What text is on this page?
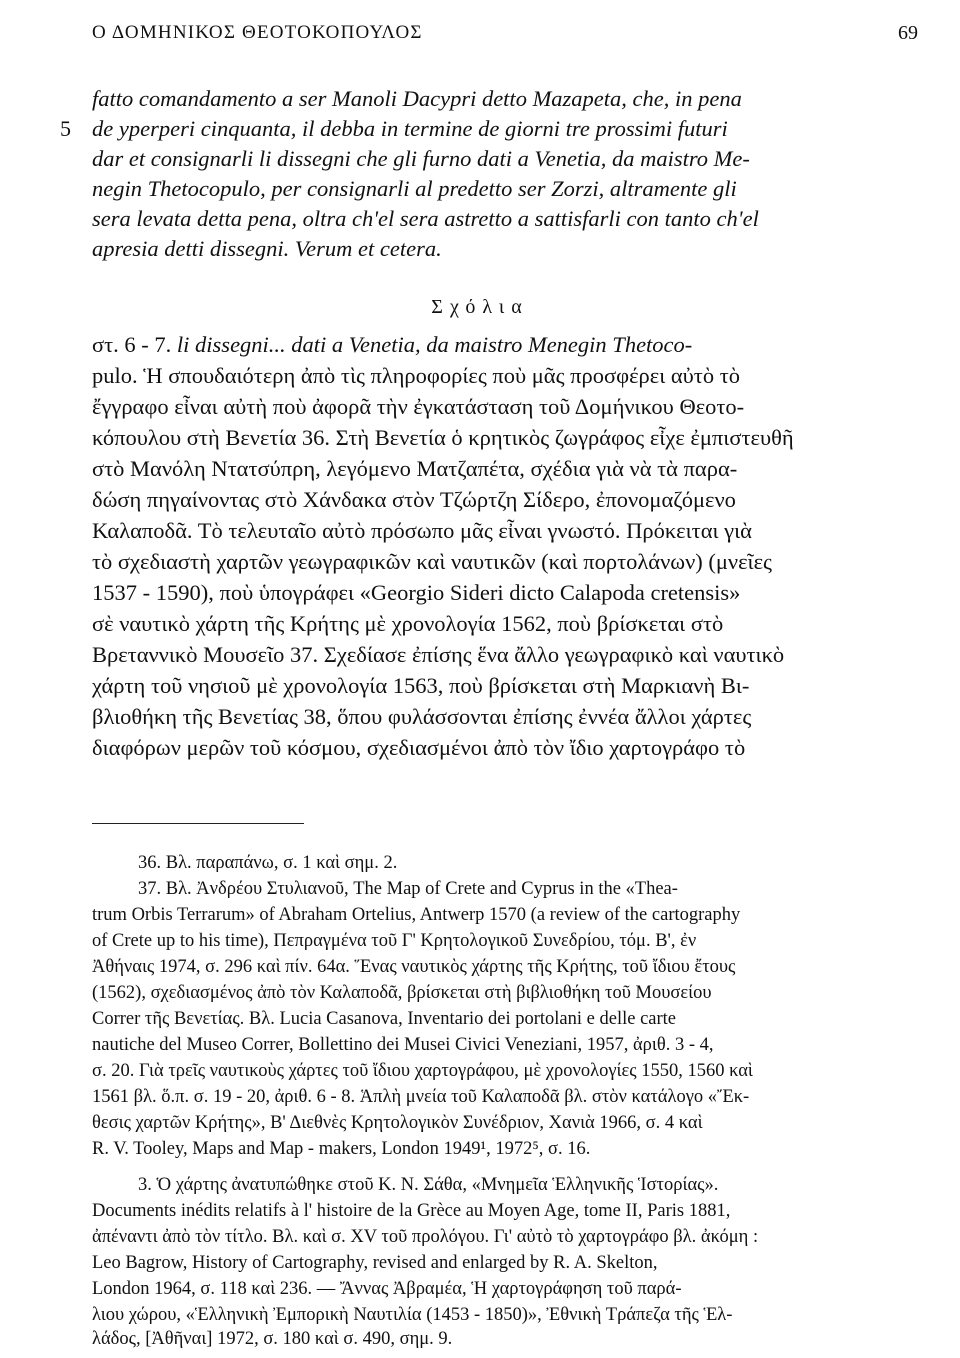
Ο ΔΟΜΗΝΙΚΟΣ ΘΕΟΤΟΚΟΠΟΥΛΟΣ	69
fatto comandamento a ser Manoli Dacypri detto Mazapeta, che, in pena
5 de yperperi cinquanta, il debba in termine de giorni tre prossimi futuri
dar et consignarli li dissegni che gli furno dati a Venetia, da maistro Me-
negin Thetocopulo, per consignarli al predetto ser Zorzi, altramente gli
sera levata detta pena, oltra ch'el sera astretto a sattisfarli con tanto ch'el
apresia detti dissegni. Verum et cetera.
Σχόλια
στ. 6 - 7. li dissegni... dati a Venetia, da maistro Menegin Thetoco-
pulo. Ἡ σπουδαιότερη ἀπὸ τὶς πληροφορίες ποὺ μᾶς προσφέρει αὐτὸ τὸ
ἔγγραφο εἶναι αὐτὴ ποὺ ἀφορᾶ τὴν ἐγκατάσταση τοῦ Δομήνικου Θεοτο-
κόπουλου στὴ Βενετία 36. Στὴ Βενετία ὁ κρητικὸς ζωγράφος εἶχε ἐμπιστευθῆ
στὸ Μανόλη Ντατσύπρη, λεγόμενο Ματζαπέτα, σχέδια γιὰ νὰ τὰ παρα-
δώση πηγαίνοντας στὸ Χάνδακα στὸν Τζώρτζη Σίδερο, ἐπονομαζόμενο
Καλαποδᾶ. Τὸ τελευταῖο αὐτὸ πρόσωπο μᾶς εἶναι γνωστό. Πρόκειται γιὰ
τὸ σχεδιαστὴ χαρτῶν γεωγραφικῶν καὶ ναυτικῶν (καὶ πορτολάνων) (μνεῖες
1537 - 1590), ποὺ ὑπογράφει «Georgio Sideri dicto Calapoda cretensis»
σὲ ναυτικὸ χάρτη τῆς Κρήτης μὲ χρονολογία 1562, ποὺ βρίσκεται στὸ
Βρεταννικὸ Μουσεῖο 37. Σχεδίασε ἐπίσης ἕνα ἄλλο γεωγραφικὸ καὶ ναυτικὸ
χάρτη τοῦ νησιοῦ μὲ χρονολογία 1563, ποὺ βρίσκεται στὴ Μαρκιανὴ Βι-
βλιοθήκη τῆς Βενετίας 38, ὅπου φυλάσσονται ἐπίσης ἐννέα ἄλλοι χάρτες
διαφόρων μερῶν τοῦ κόσμου, σχεδιασμένοι ἀπὸ τὸν ἴδιο χαρτογράφο τὸ
36. Βλ. παραπάνω, σ. 1 καὶ σημ. 2.
37. Βλ. Ἀνδρέου Στυλιανοῦ, The Map of Crete and Cyprus in the «Thea-
trum Orbis Terrarum» of Abraham Ortelius, Antwerp 1570 (a review of the cartography
of Crete up to his time), Πεπραγμένα τοῦ Γ' Κρητολογικοῦ Συνεδρίου, τόμ. Β', ἐν
Ἀθήναις 1974, σ. 296 καὶ πίν. 64α. Ἕνας ναυτικὸς χάρτης τῆς Κρήτης, τοῦ ἴδιου ἔτους
(1562), σχεδιασμένος ἀπὸ τὸν Καλαποδᾶ, βρίσκεται στὴ βιβλιοθήκη τοῦ Μουσείου
Correr τῆς Βενετίας. Βλ. Lucia Casanova, Inventario dei portolani e delle carte
nautiche del Museo Correr, Bollettino dei Musei Civici Veneziani, 1957, ἀριθ. 3 - 4,
σ. 20. Γιὰ τρεῖς ναυτικοὺς χάρτες τοῦ ἴδιου χαρτογράφου, μὲ χρονολογίες 1550, 1560 καὶ
1561 βλ. ὅ.π. σ. 19 - 20, ἀριθ. 6 - 8. Ἁπλὴ μνεία τοῦ Καλαποδᾶ βλ. στὸν κατάλογο «Ἔκ-
θεσις χαρτῶν Κρήτης», Β' Διεθνὲς Κρητολογικὸν Συνέδριον, Χανιὰ 1966, σ. 4 καὶ
R. V. Tooley, Maps and Map - makers, London 1949¹, 1972⁵, σ. 16.
3. Ὁ χάρτης ἀνατυπώθηκε στοῦ Κ. Ν. Σάθα, «Μνημεῖα Ἑλληνικῆς Ἱστορίας».
Documents inédits relatifs à l' histoire de la Grèce au Moyen Age, tome II, Paris 1881,
ἀπέναντι ἀπὸ τὸν τίτλο. Βλ. καὶ σ. XV τοῦ προλόγου. Γι' αὐτὸ τὸ χαρτογράφο βλ. ἀκόμη :
Leo Bagrow, History of Cartography, revised and enlarged by R. A. Skelton,
London 1964, σ. 118 καὶ 236. — Ἄννας Ἀβραμέα, Ἡ χαρτογράφηση τοῦ παρά-
λιου χώρου, «Ἑλληνικὴ Ἐμπορικὴ Ναυτιλία (1453 - 1850)», Ἐθνικὴ Τράπεζα τῆς Ἑλ-
λάδος, [Ἀθῆναι] 1972, σ. 180 καὶ σ. 490, σημ. 9.
